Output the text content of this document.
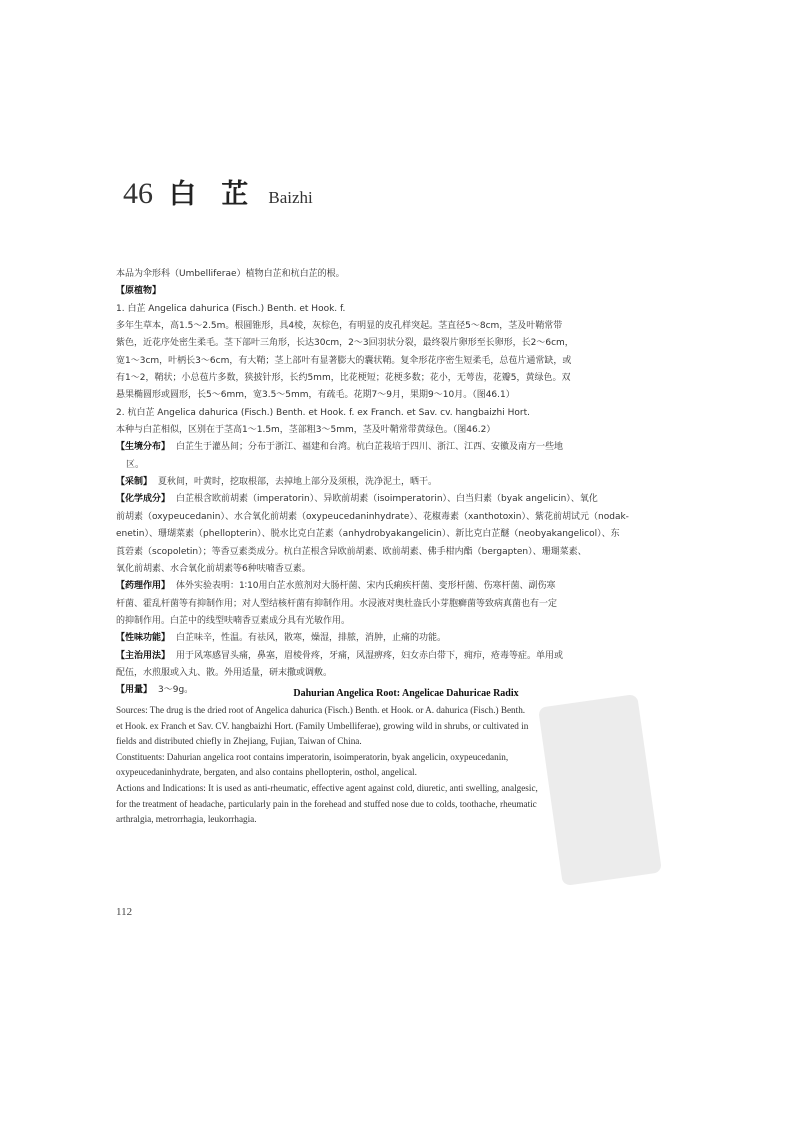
46 白 芷 Baizhi
本品为伞形科（Umbelliferae）植物白芷和杭白芷的根。
【原植物】
1. 白芷 Angelica dahurica (Fisch.) Benth. et Hook. f.
多年生草本，高1.5～2.5m。根圆锥形，具4棱，灰棕色，有明显的皮孔样突起。茎直径5～8cm，茎及叶鞘常带
紫色，近花序处密生柔毛。茎下部叶三角形，长达30cm，2～3回羽状分裂，最终裂片卵形至长卵形，长2～6cm，
宽1～3cm，叶柄长3～6cm，有大鞘；茎上部叶有显著膨大的囊状鞘。复伞形花序密生短柔毛，总苞片通常缺，或
有1～2，鞘状；小总苞片多数，狭披针形，长约5mm，比花梗短；花梗多数；花小，无萼齿，花瓣5，黄绿色。双
悬果椭圆形或圆形，长5～6mm，宽3.5～5mm，有疏毛。花期7～9月，果期9～10月。（图46.1）
2. 杭白芷 Angelica dahurica (Fisch.) Benth. et Hook. f. ex Franch. et Sav. cv. hangbaizhi Hort.
本种与白芷相似，区别在于茎高1～1.5m，茎部粗3～5mm，茎及叶鞘常带黄绿色。（图46.2）
【生境分布】 白芷生于灌丛间；分布于浙江、福建和台湾。杭白芷栽培于四川、浙江、江西、安徽及南方一些地
区。
【采制】 夏秋间，叶黄时，挖取根部，去掉地上部分及须根，洗净泥土，晒干。
【化学成分】 白芷根含欧前胡素（imperatorin）、异欧前胡素（isoimperatorin）、白当归素（byak angelicin）、氧化
前胡素（oxypeucedanin）、水合氧化前胡素（oxypeucedaninhydrate）、花椒毒素（xanthotoxin）、紫花前胡试元（nodak-
enetin）、珊瑚菜素（phellopterin）、脱水比克白芷素（anhydrobyakangelicin）、新比克白芷醚（neobyakangelicol）、东
莨菪素（scopoletin）；等香豆素类成分。杭白芷根含异欧前胡素、欧前胡素、佛手柑内酯（bergapten）、珊瑚菜素、
氧化前胡素、水合氧化前胡素等6种呋喃香豆素。
【药理作用】 体外实验表明：1∶10用白芷水煎剂对大肠杆菌、宋内氏痢疾杆菌、变形杆菌、伤寒杆菌、副伤寒
杆菌、霍乱杆菌等有抑制作用；对人型结核杆菌有抑制作用。水浸液对奥杜盎氏小芽胞癣菌等致病真菌也有一定
的抑制作用。白芷中的线型呋喃香豆素成分具有光敏作用。
【性味功能】 白芷味辛，性温。有祛风，散寒，燥湿，排脓，消肿，止痛的功能。
【主治用法】 用于风寒感冒头痛，鼻塞，眉棱骨疼，牙痛，风湿痹疼，妇女赤白带下，痈疖，疮毒等症。单用或
配伍，水煎服或入丸、散。外用适量，研末撒或调敷。
【用量】 3～9g。	Dahurian Angelica Root: Angelicae Dahuricae Radix
Sources: The drug is the dried root of Angelica dahurica (Fisch.) Benth. et Hook. or A. dahurica (Fisch.) Benth.
et Hook. ex Franch et Sav. CV. hangbaizhi Hort. (Family Umbelliferae), growing wild in shrubs, or cultivated in
fields and distributed chiefly in Zhejiang, Fujian, Taiwan of China.
Constituents: Dahurian angelica root contains imperatorin, isoimperatorin, byak angelicin, oxypeucedanin,
oxypeucedaninhydrate, bergaten, and also contains phellopterin, osthol, angelical.
Actions and Indications: It is used as anti-rheumatic, effective agent against cold, diuretic, anti swelling, analgesic,
for the treatment of headache, particularly pain in the forehead and stuffed nose due to colds, toothache, rheumatic
arthralgia, metrorrhagia, leukorrhagia.
112
